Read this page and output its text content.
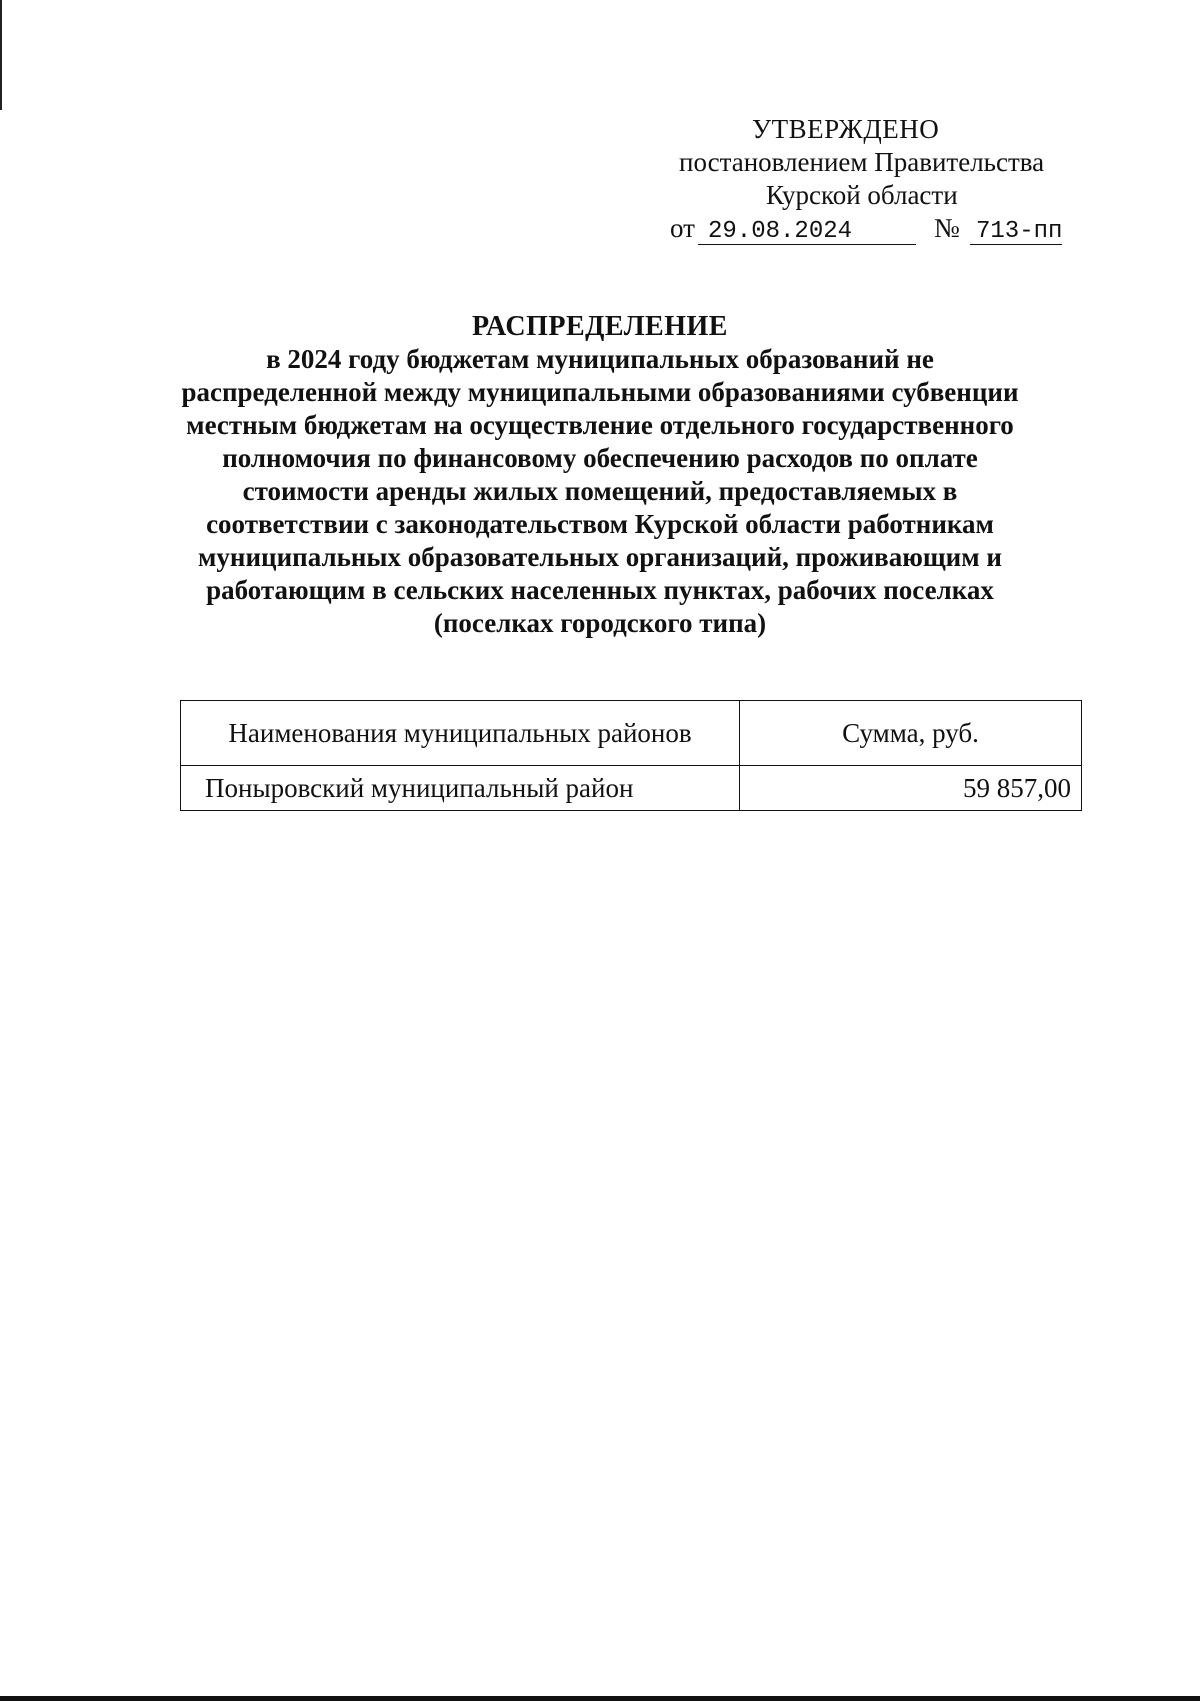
УТВЕРЖДЕНО
постановлением Правительства
Курской области
от 29.08.2024	№ 713-пп
РАСПРЕДЕЛЕНИЕ

в 2024 году бюджетам муниципальных образований не распределенной между муниципальными образованиями субвенции местным бюджетам на осуществление отдельного государственного полномочия по финансовому обеспечению расходов по оплате стоимости аренды жилых помещений, предоставляемых в соответствии с законодательством Курской области работникам муниципальных образовательных организаций, проживающим и работающим в сельских населенных пунктах, рабочих поселках (поселках городского типа)

Наименования муниципальных районов	Сумма, руб.
Поныровский муниципальный район	59 857,00
